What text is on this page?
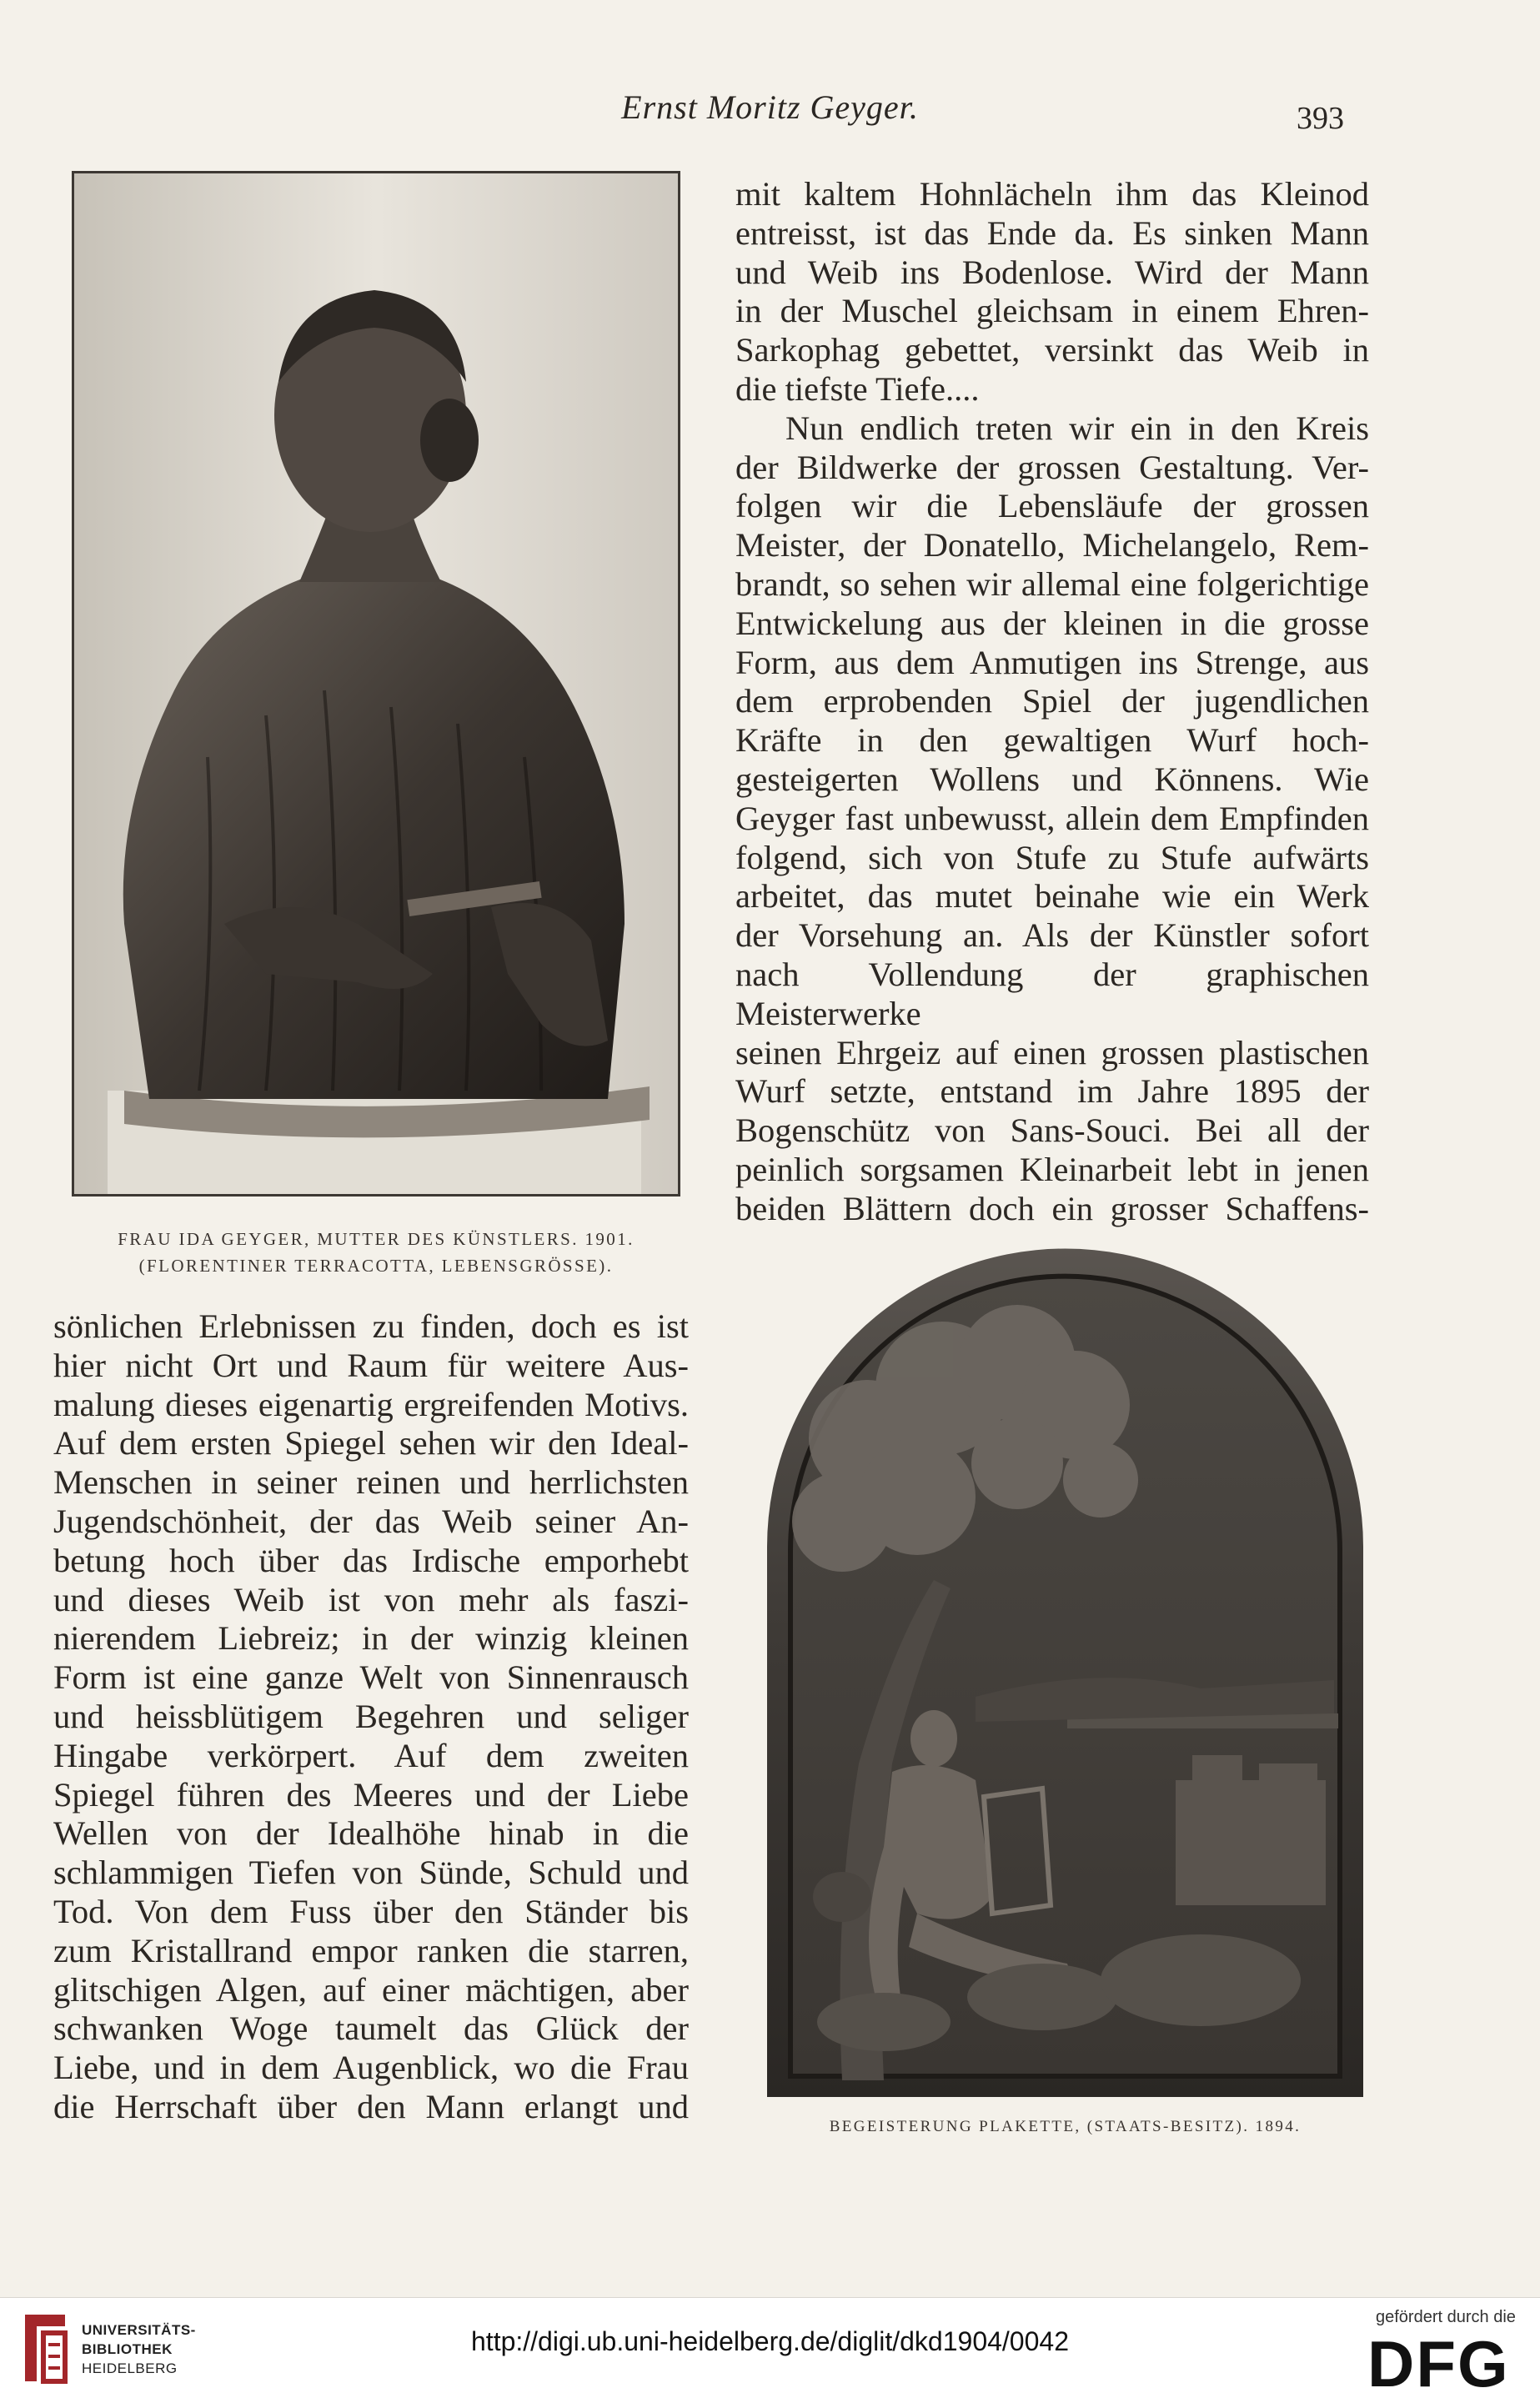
Ernst Moritz Geyger.	393
FRAU IDA GEYGER, MUTTER DES KÜNSTLERS. 1901.
(FLORENTINER TERRACOTTA, LEBENSGRÖSSE).

mit kaltem Hohnlächeln ihm das Kleinod

entreisst, ist das Ende da. Es sinken Mann

und Weib ins Bodenlose. Wird der Mann

in der Muschel gleichsam in einem Ehren-

Sarkophag gebettet, versinkt das Weib in

die tiefste Tiefe....

Nun endlich treten wir ein in den Kreis

der Bildwerke der grossen Gestaltung. Ver-

folgen wir die Lebensläufe der grossen

Meister, der Donatello, Michelangelo, Rem-

brandt, so sehen wir allemal eine folgerichtige

Entwickelung aus der kleinen in die grosse

Form, aus dem Anmutigen ins Strenge, aus

dem erprobenden Spiel der jugendlichen

Kräfte in den gewaltigen Wurf hoch-

gesteigerten Wollens und Könnens. Wie

Geyger fast unbewusst, allein dem Empfinden

folgend, sich von Stufe zu Stufe aufwärts

arbeitet, das mutet beinahe wie ein Werk

der Vorsehung an. Als der Künstler sofort

nach Vollendung der graphischen Meisterwerke

seinen Ehrgeiz auf einen grossen plastischen

Wurf setzte, entstand im Jahre 1895 der

Bogenschütz von Sans-Souci. Bei all der

peinlich sorgsamen Kleinarbeit lebt in jenen

beiden Blättern doch ein grosser Schaffens-

sönlichen Erlebnissen zu finden, doch es ist

hier nicht Ort und Raum für weitere Aus-

malung dieses eigenartig ergreifenden Motivs.

Auf dem ersten Spiegel sehen wir den Ideal-

Menschen in seiner reinen und herrlichsten

Jugendschönheit, der das Weib seiner An-

betung hoch über das Irdische emporhebt

und dieses Weib ist von mehr als faszi-

nierendem Liebreiz; in der winzig kleinen

Form ist eine ganze Welt von Sinnenrausch

und heissblütigem Begehren und seliger

Hingabe verkörpert. Auf dem zweiten

Spiegel führen des Meeres und der Liebe

Wellen von der Idealhöhe hinab in die

schlammigen Tiefen von Sünde, Schuld und

Tod. Von dem Fuss über den Ständer bis

zum Kristallrand empor ranken die starren,

glitschigen Algen, auf einer mächtigen, aber

schwanken Woge taumelt das Glück der

Liebe, und in dem Augenblick, wo die Frau

die Herrschaft über den Mann erlangt und

BEGEISTERUNG PLAKETTE, (STAATS-BESITZ). 1894.
UNIVERSITÄTS-
BIBLIOTHEK
HEIDELBERG
http://digi.ub.uni-heidelberg.de/diglit/dkd1904/0042
gefördert durch die
DFG
